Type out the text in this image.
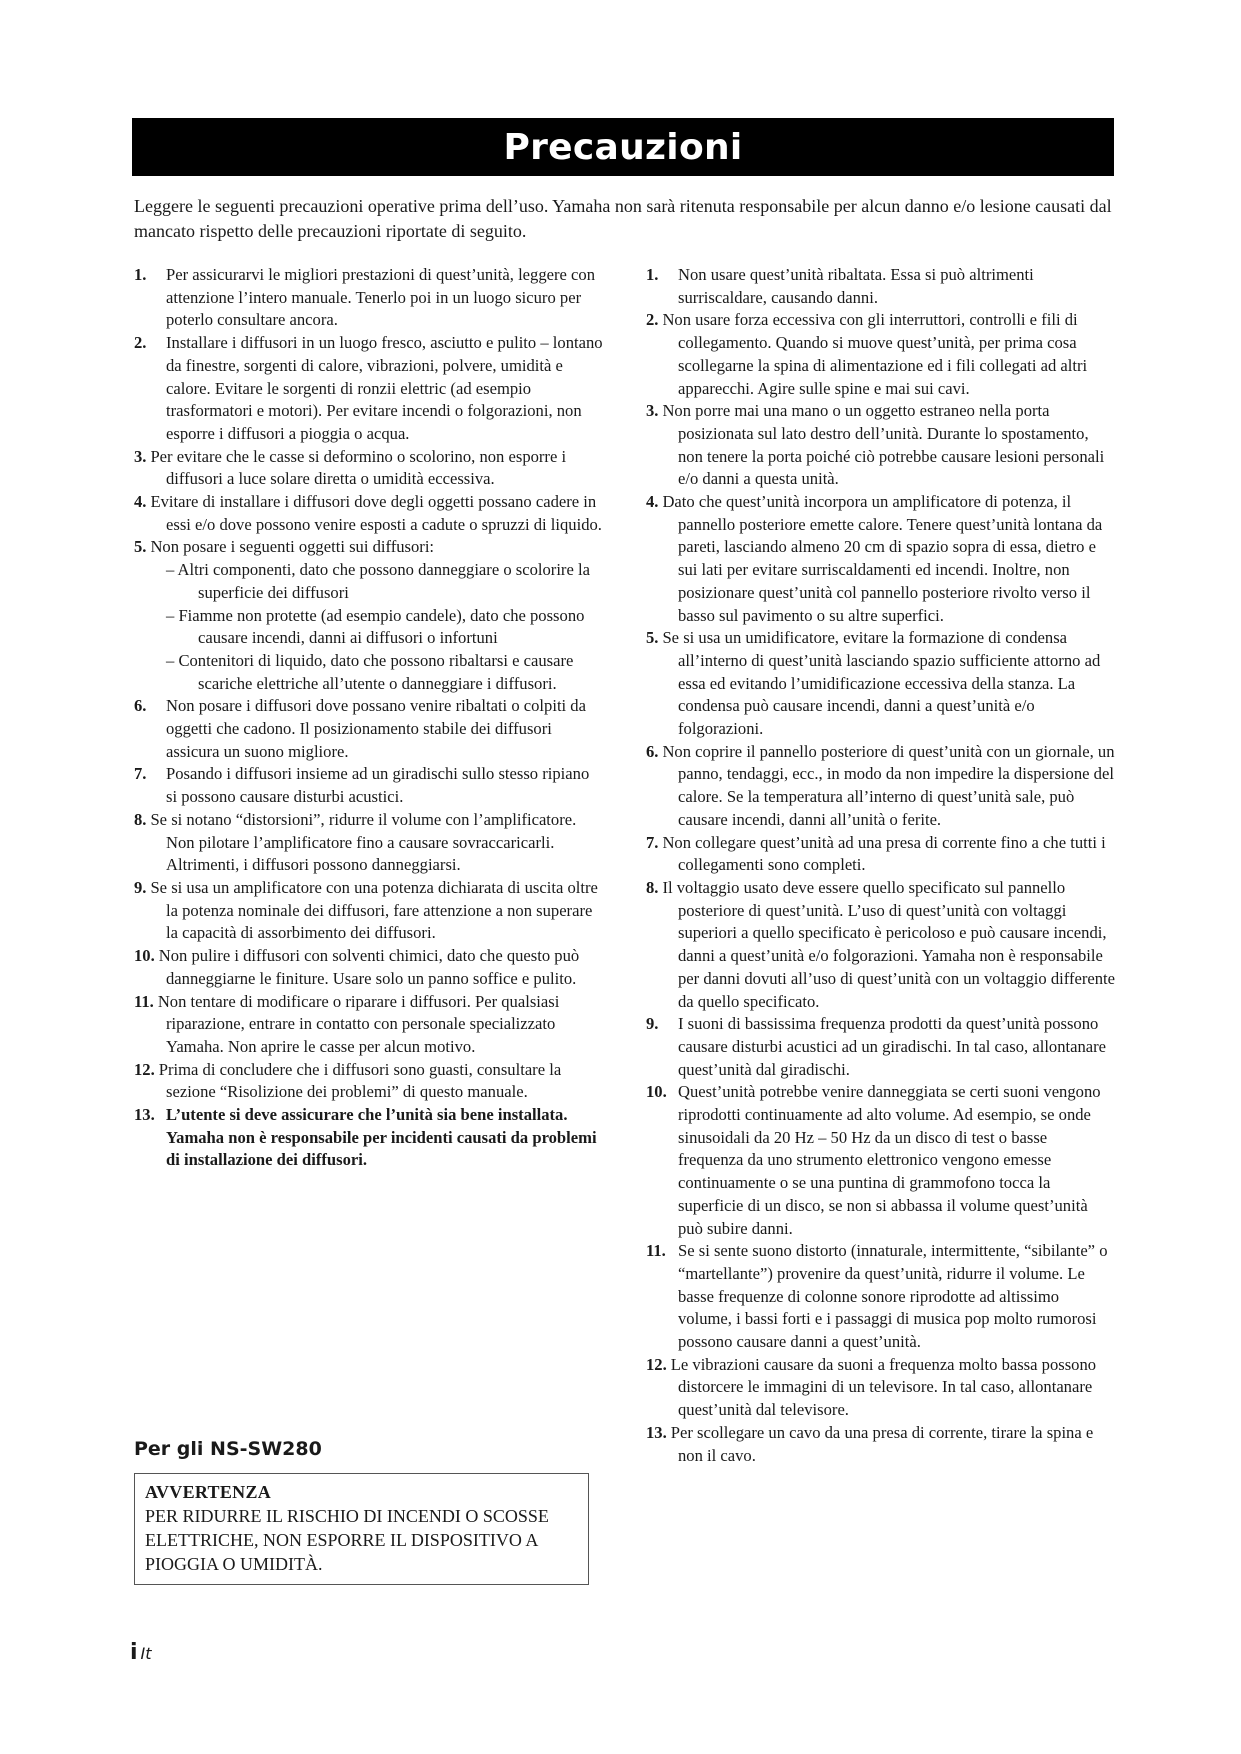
Precauzioni

Leggere le seguenti precauzioni operative prima dell’uso. Yamaha non sarà ritenuta responsabile per alcun danno e/o lesione causati dal mancato rispetto delle precauzioni riportate di seguito.

1. Per assicurarvi le migliori prestazioni di quest’unità, leggere con attenzione l’intero manuale. Tenerlo poi in un luogo sicuro per poterlo consultare ancora.
2. Installare i diffusori in un luogo fresco, asciutto e pulito – lontano da finestre, sorgenti di calore, vibrazioni, polvere, umidità e calore. Evitare le sorgenti di ronzii elettric (ad esempio trasformatori e motori). Per evitare incendi o folgorazioni, non esporre i diffusori a pioggia o acqua.
3. Per evitare che le casse si deformino o scolorino, non esporre i diffusori a luce solare diretta o umidità eccessiva.
4. Evitare di installare i diffusori dove degli oggetti possano cadere in essi e/o dove possono venire esposti a cadute o spruzzi di liquido.
5. Non posare i seguenti oggetti sui diffusori:
– Altri componenti, dato che possono danneggiare o scolorire la superficie dei diffusori
– Fiamme non protette (ad esempio candele), dato che possono causare incendi, danni ai diffusori o infortuni
– Contenitori di liquido, dato che possono ribaltarsi e causare scariche elettriche all’utente o danneggiare i diffusori.
6. Non posare i diffusori dove possano venire ribaltati o colpiti da oggetti che cadono. Il posizionamento stabile dei diffusori assicura un suono migliore.
7. Posando i diffusori insieme ad un giradischi sullo stesso ripiano si possono causare disturbi acustici.
8. Se si notano “distorsioni”, ridurre il volume con l’amplificatore. Non pilotare l’amplificatore fino a causare sovraccaricarli. Altrimenti, i diffusori possono danneggiarsi.
9. Se si usa un amplificatore con una potenza dichiarata di uscita oltre la potenza nominale dei diffusori, fare attenzione a non superare la capacità di assorbimento dei diffusori.
10. Non pulire i diffusori con solventi chimici, dato che questo può danneggiarne le finiture. Usare solo un panno soffice e pulito.
11. Non tentare di modificare o riparare i diffusori. Per qualsiasi riparazione, entrare in contatto con personale specializzato Yamaha. Non aprire le casse per alcun motivo.
12. Prima di concludere che i diffusori sono guasti, consultare la sezione “Risolizione dei problemi” di questo manuale.
13. L’utente si deve assicurare che l’unità sia bene installata. Yamaha non è responsabile per incidenti causati da problemi di installazione dei diffusori.
Per gli NS-SW280
AVVERTENZA
PER RIDURRE IL RISCHIO DI INCENDI O SCOSSE ELETTRICHE, NON ESPORRE IL DISPOSITIVO A PIOGGIA O UMIDITÀ.
1. Non usare quest’unità ribaltata. Essa si può altrimenti surriscaldare, causando danni.
2. Non usare forza eccessiva con gli interruttori, controlli e fili di collegamento. Quando si muove quest’unità, per prima cosa scollegarne la spina di alimentazione ed i fili collegati ad altri apparecchi. Agire sulle spine e mai sui cavi.
3. Non porre mai una mano o un oggetto estraneo nella porta posizionata sul lato destro dell’unità. Durante lo spostamento, non tenere la porta poiché ciò potrebbe causare lesioni personali e/o danni a questa unità.
4. Dato che quest’unità incorpora un amplificatore di potenza, il pannello posteriore emette calore. Tenere quest’unità lontana da pareti, lasciando almeno 20 cm di spazio sopra di essa, dietro e sui lati per evitare surriscaldamenti ed incendi. Inoltre, non posizionare quest’unità col pannello posteriore rivolto verso il basso sul pavimento o su altre superfici.
5. Se si usa un umidificatore, evitare la formazione di condensa all’interno di quest’unità lasciando spazio sufficiente attorno ad essa ed evitando l’umidificazione eccessiva della stanza. La condensa può causare incendi, danni a quest’unità e/o folgorazioni.
6. Non coprire il pannello posteriore di quest’unità con un giornale, un panno, tendaggi, ecc., in modo da non impedire la dispersione del calore. Se la temperatura all’interno di quest’unità sale, può causare incendi, danni all’unità o ferite.
7. Non collegare quest’unità ad una presa di corrente fino a che tutti i collegamenti sono completi.
8. Il voltaggio usato deve essere quello specificato sul pannello posteriore di quest’unità. L’uso di quest’unità con voltaggi superiori a quello specificato è pericoloso e può causare incendi, danni a quest’unità e/o folgorazioni. Yamaha non è responsabile per danni dovuti all’uso di quest’unità con un voltaggio differente da quello specificato.
9. I suoni di bassissima frequenza prodotti da quest’unità possono causare disturbi acustici ad un giradischi. In tal caso, allontanare quest’unità dal giradischi.
10. Quest’unità potrebbe venire danneggiata se certi suoni vengono riprodotti continuamente ad alto volume. Ad esempio, se onde sinusoidali da 20 Hz – 50 Hz da un disco di test o basse frequenza da uno strumento elettronico vengono emesse continuamente o se una puntina di grammofono tocca la superficie di un disco, se non si abbassa il volume quest’unità può subire danni.
11. Se si sente suono distorto (innaturale, intermittente, “sibilante” o “martellante”) provenire da quest’unità, ridurre il volume. Le basse frequenze di colonne sonore riprodotte ad altissimo volume, i bassi forti e i passaggi di musica pop molto rumorosi possono causare danni a quest’unità.
12. Le vibrazioni causare da suoni a frequenza molto bassa possono distorcere le immagini di un televisore. In tal caso, allontanare quest’unità dal televisore.
13. Per scollegare un cavo da una presa di corrente, tirare la spina e non il cavo.
i It
